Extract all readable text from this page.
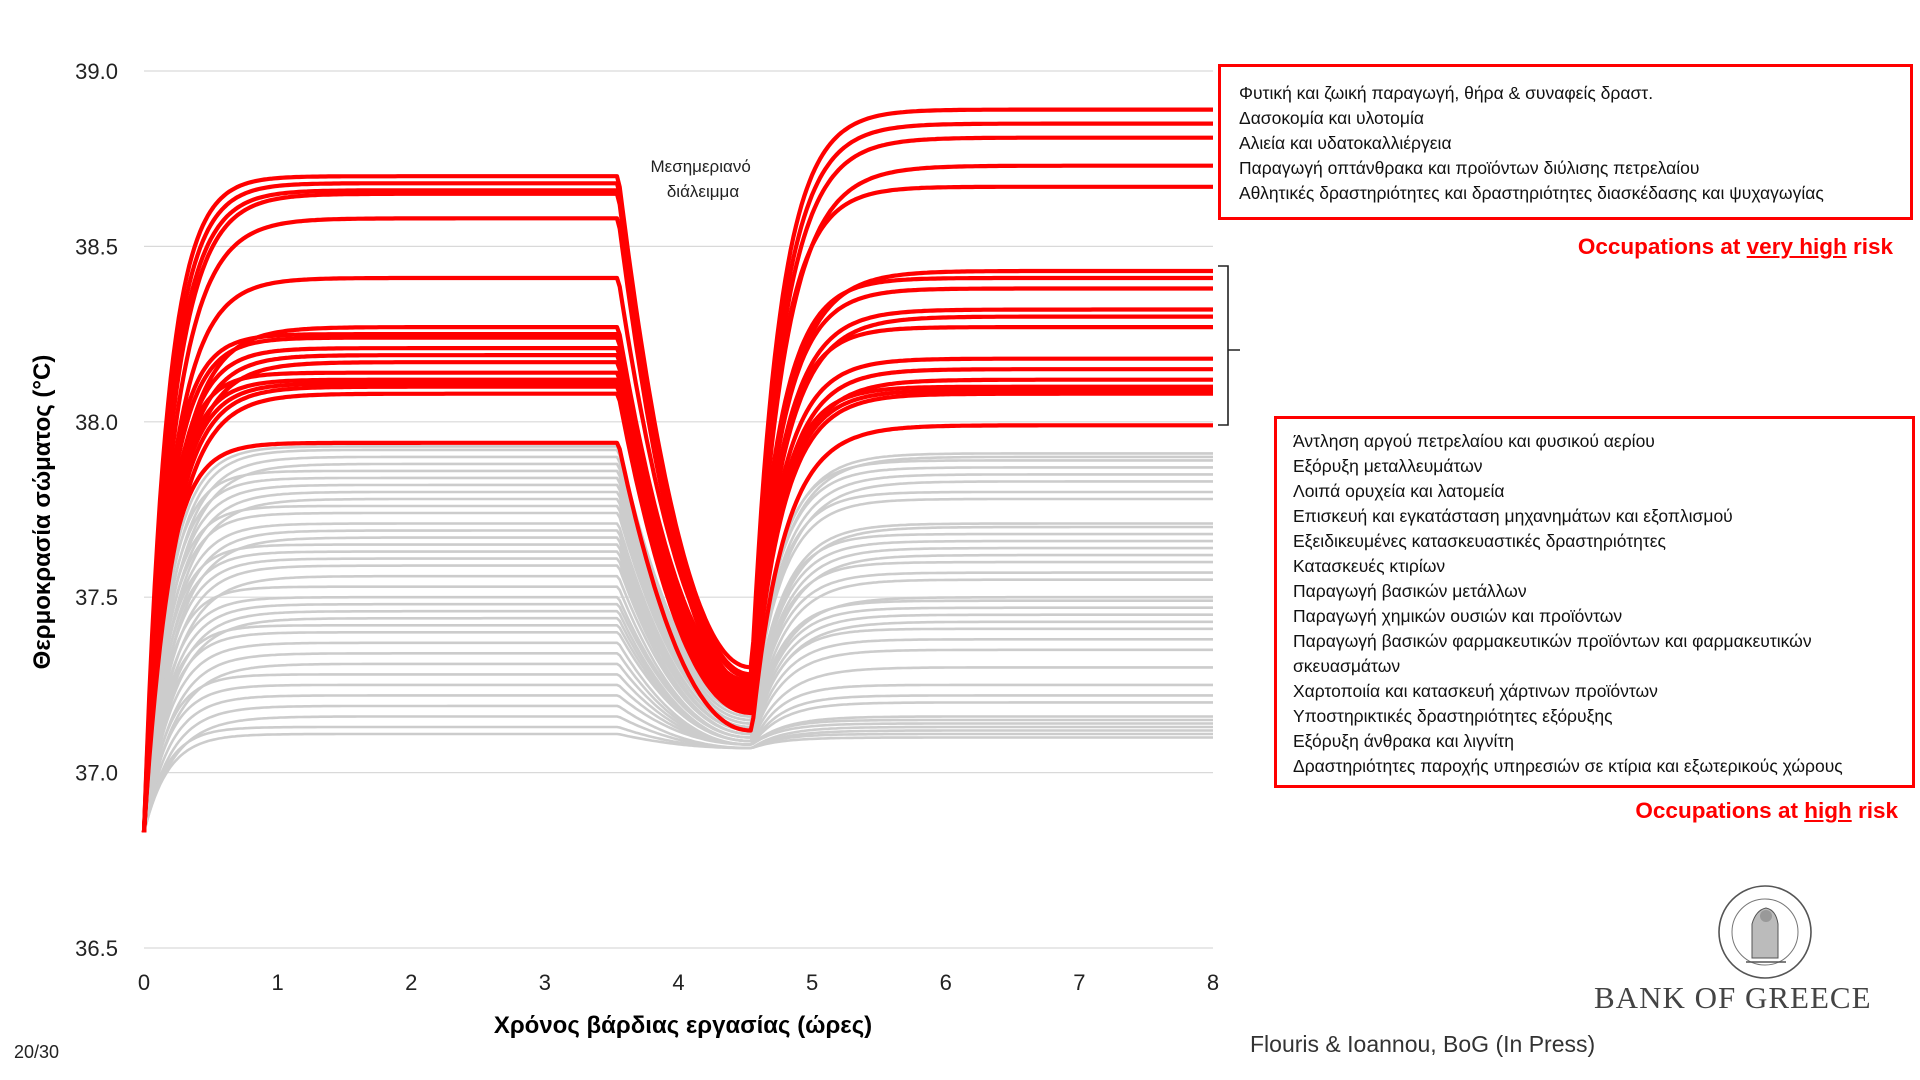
36.5
37.0
37.5
38.0
38.5
39.0
0	1	2	3	4	5	6	7	8
Θερμοκρασία σώματος (°C)
Χρόνος βάρδιας εργασίας (ώρες)
Μεσημεριανό διάλειμμα
Φυτική και ζωική παραγωγή, θήρα & συναφείς δραστ.
Δασοκομία και υλοτομία
Αλιεία και υδατοκαλλιέργεια
Παραγωγή οπτάνθρακα και προϊόντων διύλισης πετρελαίου
Αθλητικές δραστηριότητες και δραστηριότητες διασκέδασης και ψυχαγωγίας
Occupations at very high risk
Άντληση αργού πετρελαίου και φυσικού αερίου
Εξόρυξη μεταλλευμάτων
Λοιπά ορυχεία και λατομεία
Επισκευή και εγκατάσταση μηχανημάτων και εξοπλισμού
Εξειδικευμένες κατασκευαστικές δραστηριότητες
Κατασκευές κτιρίων
Παραγωγή βασικών μετάλλων
Παραγωγή χημικών ουσιών και προϊόντων
Παραγωγή βασικών φαρμακευτικών προϊόντων και φαρμακευτικών σκευασμάτων
Χαρτοποιία και κατασκευή χάρτινων προϊόντων
Υποστηρικτικές δραστηριότητες εξόρυξης
Εξόρυξη άνθρακα και λιγνίτη
Δραστηριότητες παροχής υπηρεσιών σε κτίρια και εξωτερικούς χώρους
Occupations at high risk
BANK OF GREECE
Flouris & Ioannou, BoG (In Press)
20/30
